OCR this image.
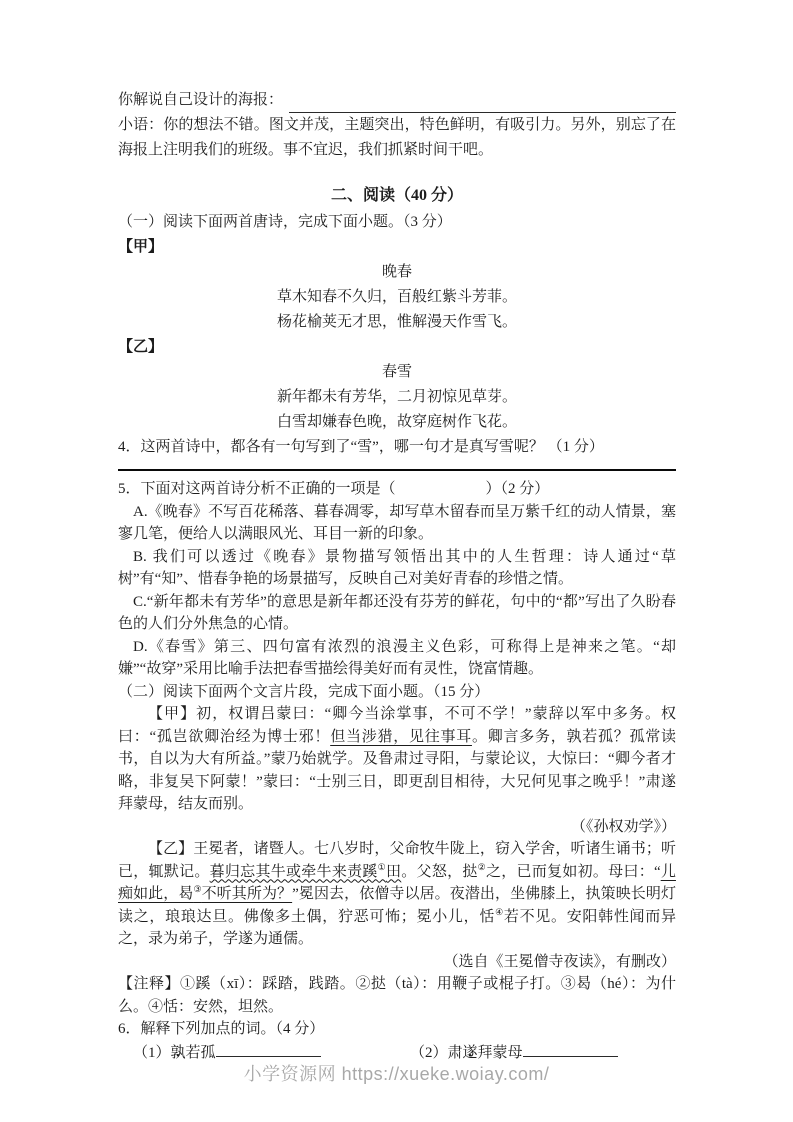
你解说自己设计的海报：

小语：你的想法不错。图文并茂，主题突出，特色鲜明，有吸引力。另外，别忘了在海报上注明我们的班级。事不宜迟，我们抓紧时间干吧。

二、阅读（40 分）

（一）阅读下面两首唐诗，完成下面小题。（3 分）

【甲】

晚春

草木知春不久归，百般红紫斗芳菲。

杨花榆荚无才思，惟解漫天作雪飞。

【乙】

春雪

新年都未有芳华，二月初惊见草芽。

白雪却嫌春色晚，故穿庭树作飞花。

4．这两首诗中，都各有一句写到了“雪”，哪一句才是真写雪呢？ （1 分）

5．下面对这两首诗分析不正确的一项是（　　　　　　）（2 分）

A.《晚春》不写百花稀落、暮春凋零，却写草木留春而呈万紫千红的动人情景，塞寥几笔，便给人以满眼风光、耳目一新的印象。

B. 我们可以透过《晚春》景物描写领悟出其中的人生哲理：诗人通过“草树”有“知”、惜春争艳的场景描写，反映自己对美好青春的珍惜之情。

C.“新年都未有芳华”的意思是新年都还没有芬芳的鲜花，句中的“都”写出了久盼春色的人们分外焦急的心情。

D.《春雪》第三、四句富有浓烈的浪漫主义色彩，可称得上是神来之笔。“却嫌”“故穿”采用比喻手法把春雪描绘得美好而有灵性，饶富情趣。

（二）阅读下面两个文言片段，完成下面小题。（15 分）

【甲】初，权谓吕蒙曰：“卿今当涂掌事，不可不学！”蒙辞以军中多务。权曰：“孤岂欲卿治经为博士邪！但当涉猎，见往事耳。卿言多务，孰若孤？孤常读书，自以为大有所益。”蒙乃始就学。及鲁肃过寻阳，与蒙论议，大惊曰：“卿今者才略，非复吴下阿蒙！”蒙曰：“士别三日，即更刮目相待，大兄何见事之晚乎！”肃遂拜蒙母，结友而别。

（《孙权劝学》）

【乙】王冕者，诸暨人。七八岁时，父命牧牛陇上，窃入学舍，听诸生诵书；听已，辄默记。暮归忘其牛或牵牛来责蹊①田。父怒，挞②之，已而复如初。母曰：“儿痴如此，曷③不听其所为？”冕因去，依僧寺以居。夜潜出，坐佛膝上，执策映长明灯读之，琅琅达旦。佛像多土偶，狞恶可怖；冕小儿，恬④若不见。安阳韩性闻而异之，录为弟子，学遂为通儒。

（选自《王冕僧寺夜读》，有删改）

【注释】①蹊（xī）：踩踏，践踏。②挞（tà）：用鞭子或棍子打。③曷（hé）：为什么。④恬：安然，坦然。

6．解释下列加点的词。（4 分）

（1）孰 •若孤	（2）肃遂 •拜蒙母

小学资源网 https://xueke.woiay.com/
